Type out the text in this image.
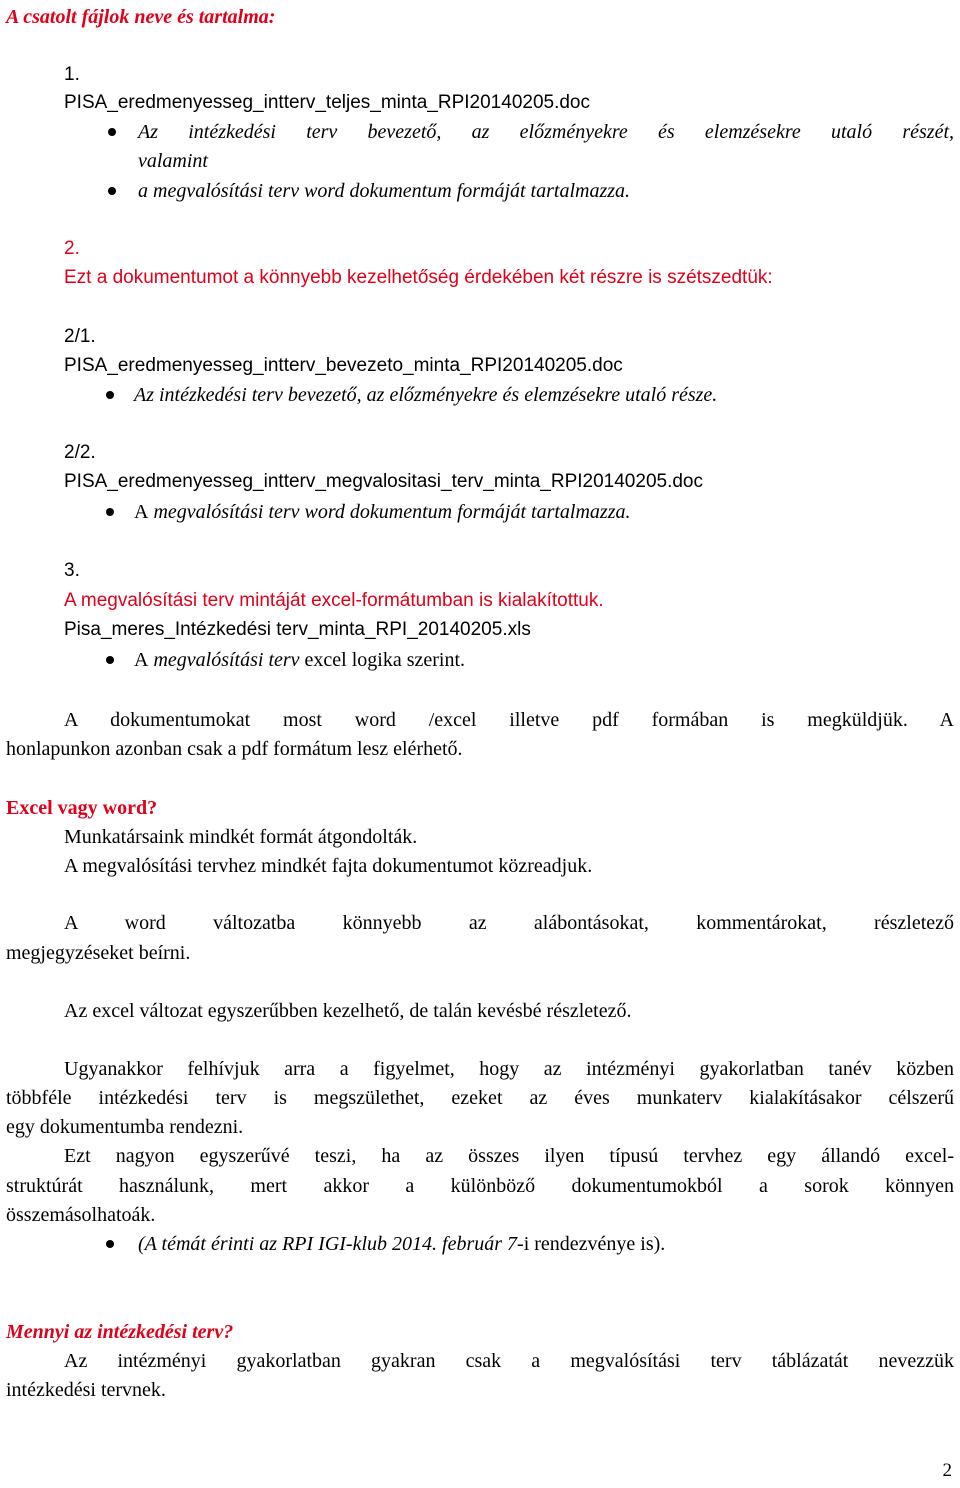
A csatolt fájlok neve és tartalma:
1.
PISA_eredmenyesseg_intterv_teljes_minta_RPI20140205.doc
Az intézkedési terv bevezető, az előzményekre és elemzésekre utaló részét,
valamint
a megvalósítási terv word dokumentum formáját tartalmazza.
2.
Ezt a dokumentumot a könnyebb kezelhetőség érdekében két részre is szétszedtük:
2/1.
PISA_eredmenyesseg_intterv_bevezeto_minta_RPI20140205.doc
Az intézkedési terv bevezető, az előzményekre és elemzésekre utaló része.
2/2.
PISA_eredmenyesseg_intterv_megvalositasi_terv_minta_RPI20140205.doc
A megvalósítási terv word dokumentum formáját tartalmazza.
3.
A megvalósítási terv mintáját excel-formátumban is kialakítottuk.
Pisa_meres_Intézkedési terv_minta_RPI_20140205.xls
A megvalósítási terv excel logika szerint.
A dokumentumokat most word /excel illetve pdf formában is megküldjük. A
honlapunkon azonban csak a pdf formátum lesz elérhető.
Excel vagy word?
Munkatársaink mindkét formát átgondolták.
A megvalósítási tervhez mindkét fajta dokumentumot közreadjuk.
A word változatba könnyebb az alábontásokat, kommentárokat, részletező
megjegyzéseket beírni.
Az excel változat egyszerűbben kezelhető, de talán kevésbé részletező.
Ugyanakkor felhívjuk arra a figyelmet, hogy az intézményi gyakorlatban tanév közben
többféle intézkedési terv is megszülethet, ezeket az éves munkaterv kialakításakor célszerű
egy dokumentumba rendezni.
Ezt nagyon egyszerűvé teszi, ha az összes ilyen típusú tervhez egy állandó excel-
struktúrát használunk, mert akkor a különböző dokumentumokból a sorok könnyen
összemásolhatoák.
(A témát érinti az RPI IGI-klub 2014. február 7-i rendezvénye is).
Mennyi az intézkedési terv?
Az intézményi gyakorlatban gyakran csak a megvalósítási terv táblázatát nevezzük
intézkedési tervnek.
2
